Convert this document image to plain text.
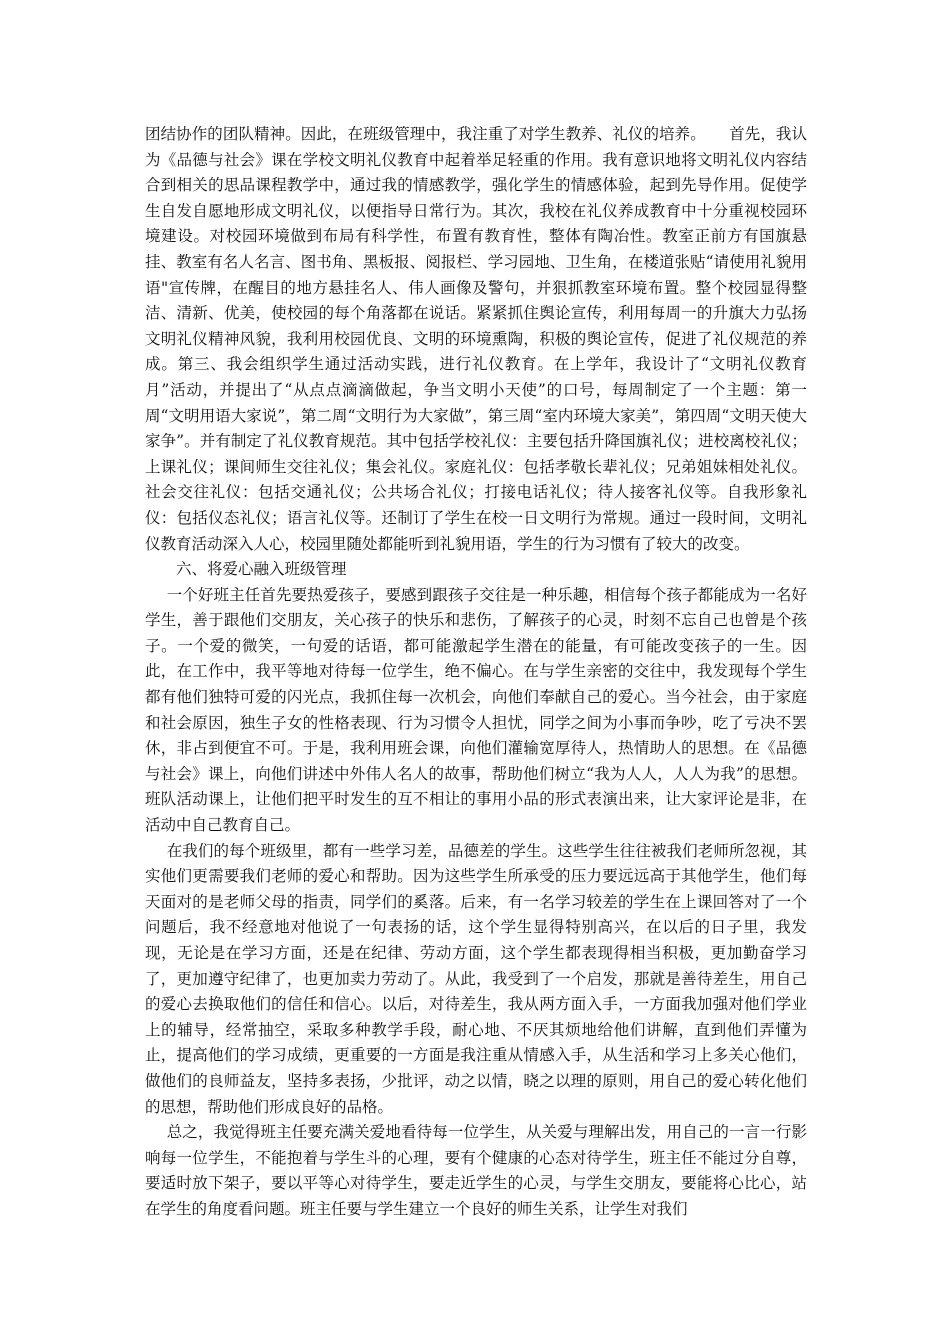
团结协作的团队精神。因此，在班级管理中，我注重了对学生教养、礼仪的培养。　　首先，我认为《品德与社会》课在学校文明礼仪教育中起着举足轻重的作用。我有意识地将文明礼仪内容结合到相关的思品课程教学中，通过我的情感教学，强化学生的情感体验，起到先导作用。促使学生自发自愿地形成文明礼仪，以便指导日常行为。其次，我校在礼仪养成教育中十分重视校园环境建设。对校园环境做到布局有科学性，布置有教育性，整体有陶冶性。教室正前方有国旗悬挂、教室有名人名言、图书角、黑板报、阅报栏、学习园地、卫生角，在楼道张贴“请使用礼貌用语"宣传牌，在醒目的地方悬挂名人、伟人画像及警句，并狠抓教室环境布置。整个校园显得整洁、清新、优美，使校园的每个角落都在说话。紧紧抓住舆论宣传，利用每周一的升旗大力弘扬文明礼仪精神风貌，我利用校园优良、文明的环境熏陶，积极的舆论宣传，促进了礼仪规范的养成。第三、我会组织学生通过活动实践，进行礼仪教育。在上学年，我设计了“文明礼仪教育月”活动，并提出了“从点点滴滴做起，争当文明小天使”的口号，每周制定了一个主题：第一周“文明用语大家说”，第二周“文明行为大家做”，第三周“室内环境大家美”，第四周“文明天使大家争”。并有制定了礼仪教育规范。其中包括学校礼仪：主要包括升降国旗礼仪；进校离校礼仪；上课礼仪；课间师生交往礼仪；集会礼仪。家庭礼仪：包括孝敬长辈礼仪；兄弟姐妹相处礼仪。社会交往礼仪：包括交通礼仪；公共场合礼仪；打接电话礼仪；待人接客礼仪等。自我形象礼仪：包括仪态礼仪；语言礼仪等。还制订了学生在校一日文明行为常规。通过一段时间，文明礼仪教育活动深入人心，校园里随处都能听到礼貌用语，学生的行为习惯有了较大的改变。

六、将爱心融入班级管理

一个好班主任首先要热爱孩子，要感到跟孩子交往是一种乐趣，相信每个孩子都能成为一名好学生，善于跟他们交朋友，关心孩子的快乐和悲伤，了解孩子的心灵，时刻不忘自己也曾是个孩子。一个爱的微笑，一句爱的话语，都可能激起学生潜在的能量，有可能改变孩子的一生。因此，在工作中，我平等地对待每一位学生，绝不偏心。在与学生亲密的交往中，我发现每个学生都有他们独特可爱的闪光点，我抓住每一次机会，向他们奉献自己的爱心。当今社会，由于家庭和社会原因，独生子女的性格表现、行为习惯令人担忧，同学之间为小事而争吵，吃了亏决不罢休，非占到便宜不可。于是，我利用班会课，向他们灌输宽厚待人，热情助人的思想。在《品德与社会》课上，向他们讲述中外伟人名人的故事，帮助他们树立“我为人人，人人为我”的思想。班队活动课上，让他们把平时发生的互不相让的事用小品的形式表演出来，让大家评论是非，在活动中自己教育自己。

在我们的每个班级里，都有一些学习差，品德差的学生。这些学生往往被我们老师所忽视，其实他们更需要我们老师的爱心和帮助。因为这些学生所承受的压力要远远高于其他学生，他们每天面对的是老师父母的指责，同学们的奚落。后来，有一名学习较差的学生在上课回答对了一个问题后，我不经意地对他说了一句表扬的话，这个学生显得特别高兴，在以后的日子里，我发现，无论是在学习方面，还是在纪律、劳动方面，这个学生都表现得相当积极，更加勤奋学习了，更加遵守纪律了，也更加卖力劳动了。从此，我受到了一个启发，那就是善待差生，用自己的爱心去换取他们的信任和信心。以后，对待差生，我从两方面入手，一方面我加强对他们学业上的辅导，经常抽空，采取多种教学手段，耐心地、不厌其烦地给他们讲解，直到他们弄懂为止，提高他们的学习成绩，更重要的一方面是我注重从情感入手，从生活和学习上多关心他们，做他们的良师益友，坚持多表扬，少批评，动之以情，晓之以理的原则，用自己的爱心转化他们的思想，帮助他们形成良好的品格。

总之，我觉得班主任要充满关爱地看待每一位学生，从关爱与理解出发，用自己的一言一行影响每一位学生，不能抱着与学生斗的心理，要有个健康的心态对待学生，班主任不能过分自尊，要适时放下架子，要以平等心对待学生，要走近学生的心灵，与学生交朋友，要能将心比心，站在学生的角度看问题。班主任要与学生建立一个良好的师生关系，让学生对我们
